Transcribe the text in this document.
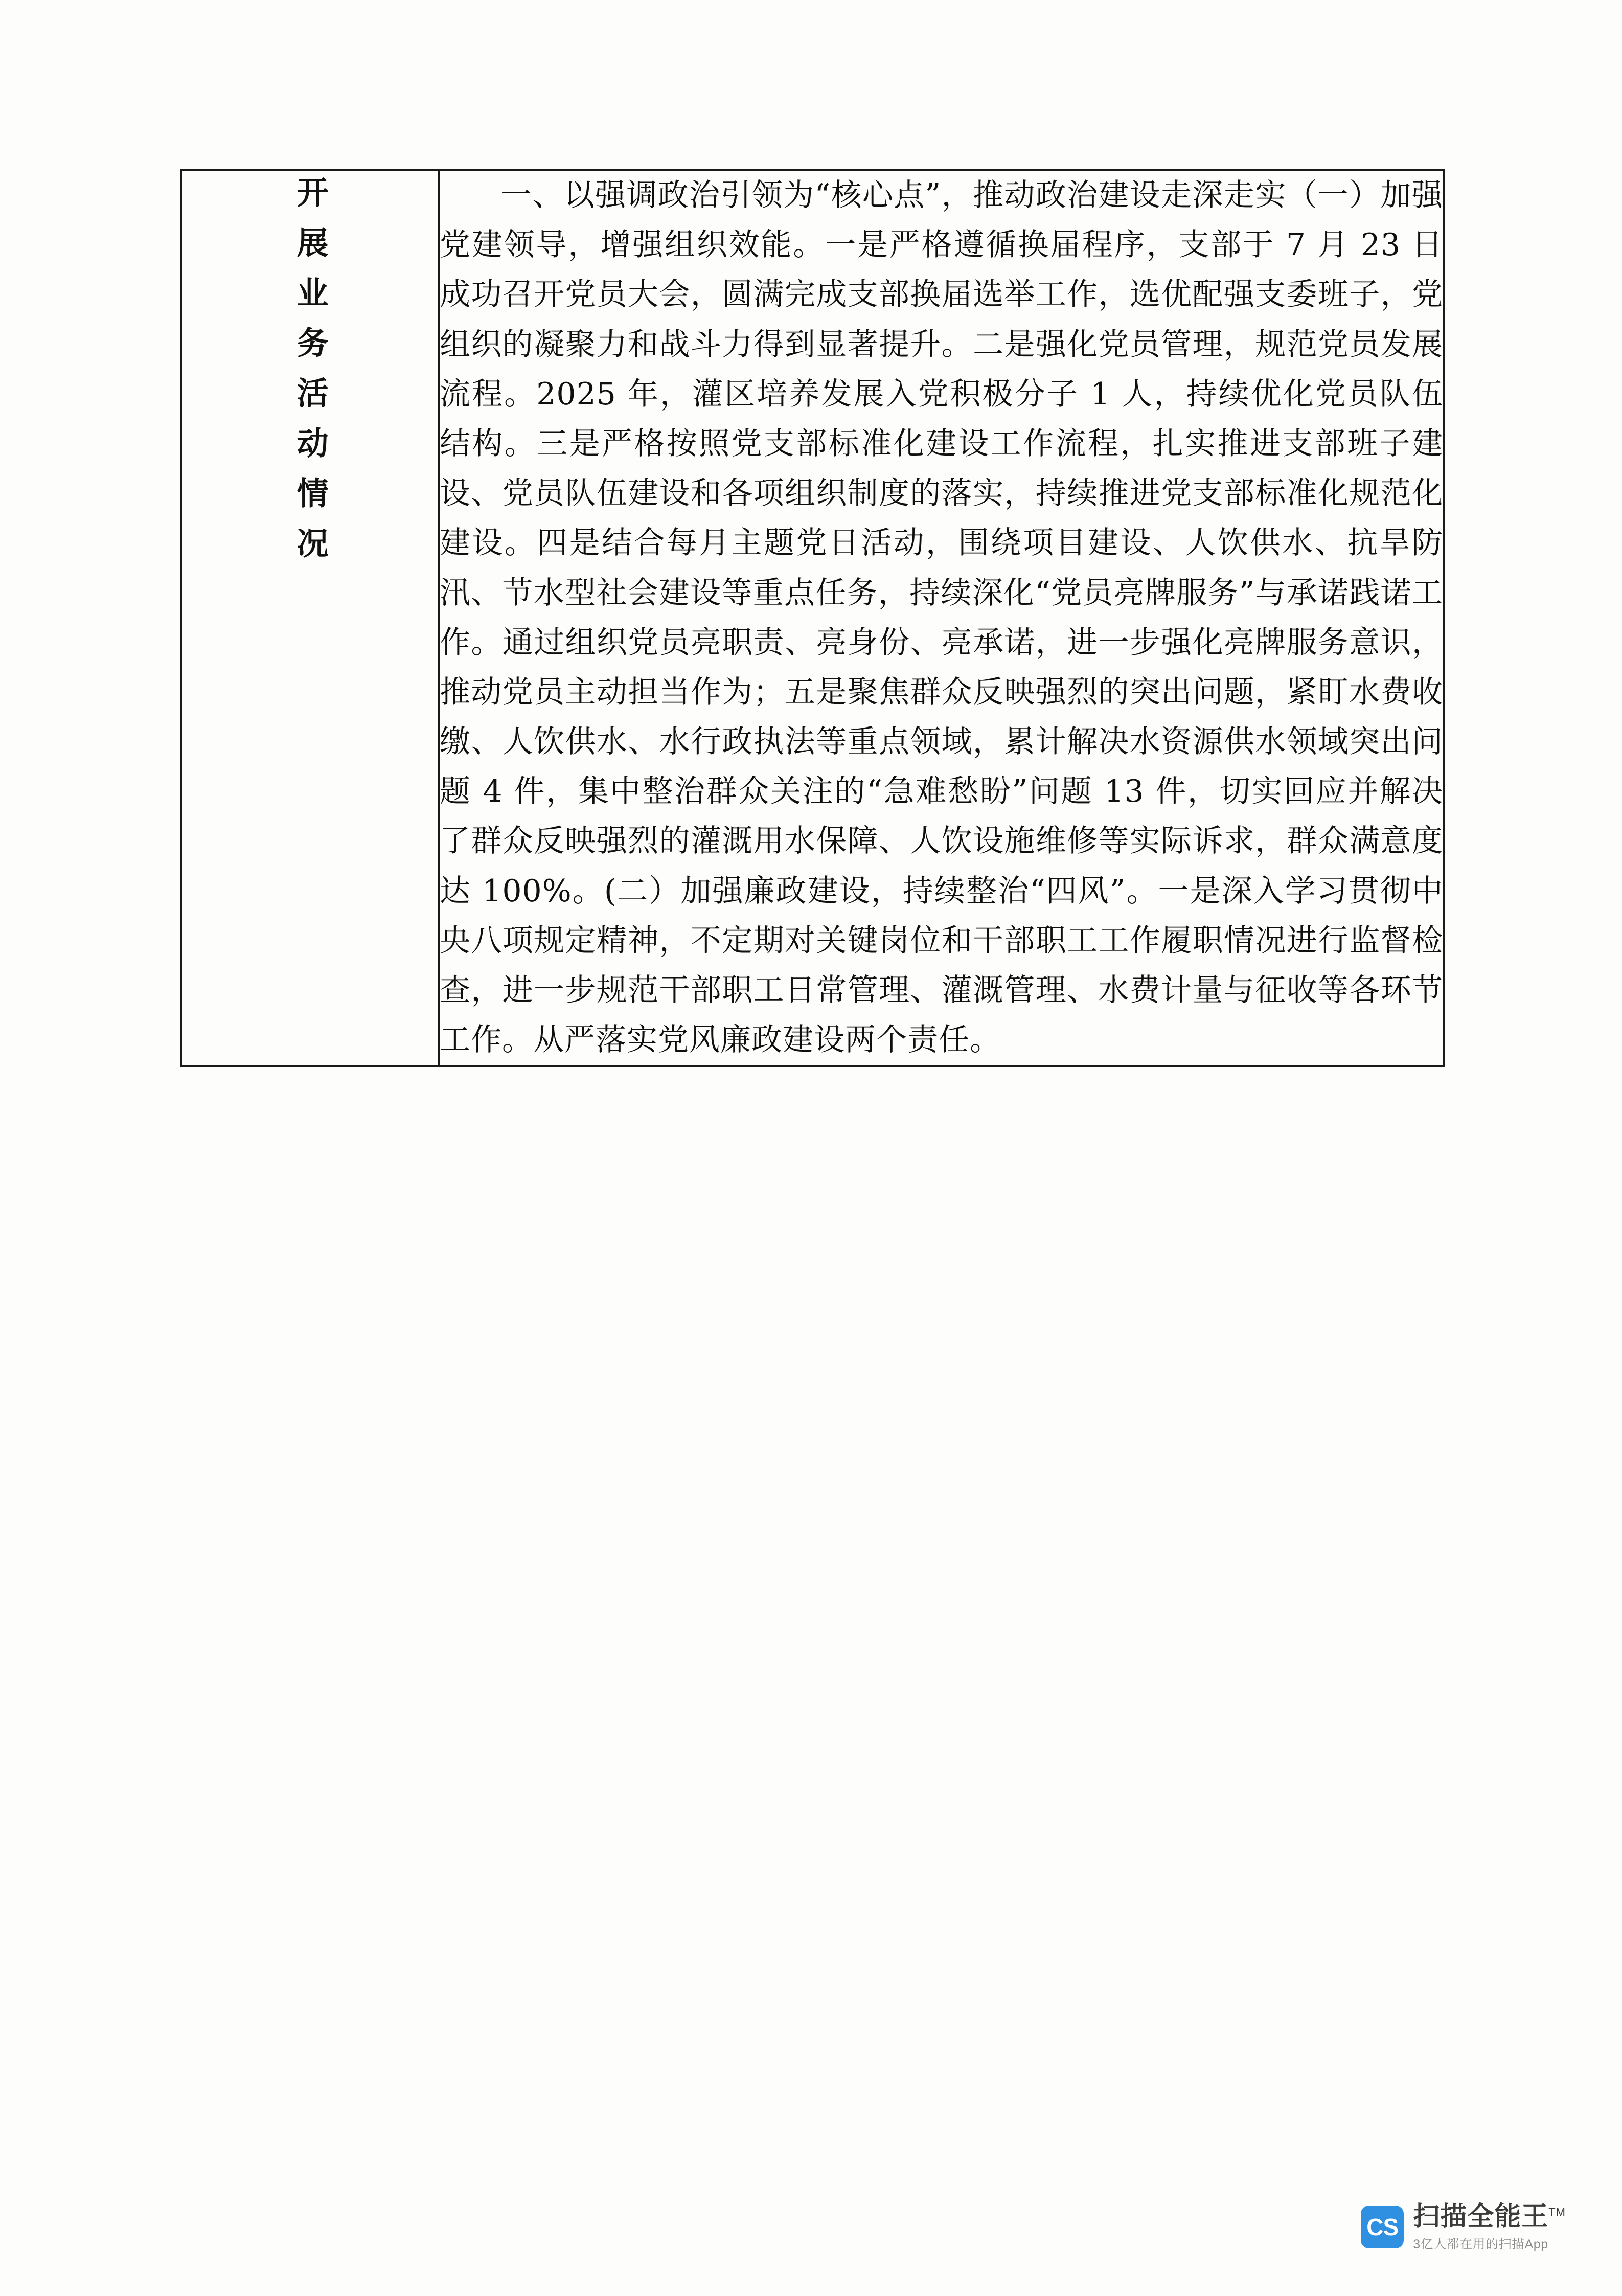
开展业务活动情况	一、以强调政治引领为“核心点”，推动政治建设走深走实（一）加强党建领导，增强组织效能。一是严格遵循换届程序，支部于 7 月 23 日成功召开党员大会，圆满完成支部换届选举工作，选优配强支委班子，党组织的凝聚力和战斗力得到显著提升。二是强化党员管理，规范党员发展流程。2025 年，灌区培养发展入党积极分子 1 人，持续优化党员队伍结构。三是严格按照党支部标准化建设工作流程，扎实推进支部班子建设、党员队伍建设和各项组织制度的落实，持续推进党支部标准化规范化建设。四是结合每月主题党日活动，围绕项目建设、人饮供水、抗旱防汛、节水型社会建设等重点任务，持续深化“党员亮牌服务”与承诺践诺工作。通过组织党员亮职责、亮身份、亮承诺，进一步强化亮牌服务意识，推动党员主动担当作为；五是聚焦群众反映强烈的突出问题，紧盯水费收缴、人饮供水、水行政执法等重点领域，累计解决水资源供水领域突出问题 4 件，集中整治群众关注的“急难愁盼”问题 13 件，切实回应并解决了群众反映强烈的灌溉用水保障、人饮设施维修等实际诉求，群众满意度达 100%。(二）加强廉政建设，持续整治“四风”。一是深入学习贯彻中央八项规定精神，不定期对关键岗位和干部职工工作履职情况进行监督检查，进一步规范干部职工日常管理、灌溉管理、水费计量与征收等各环节工作。从严落实党风廉政建设两个责任。
CS 扫描全能王™
3亿人都在用的扫描App
